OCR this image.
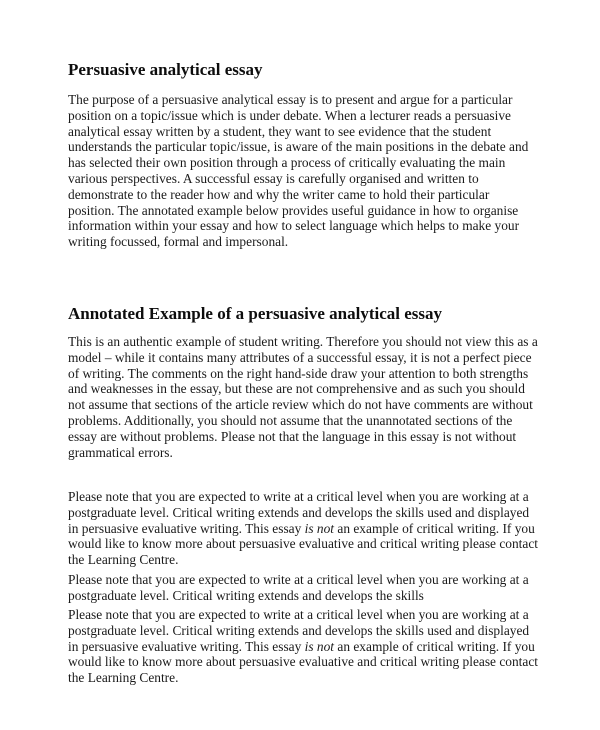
Persuasive analytical essay

The purpose of a persuasive analytical essay is to present and argue for a particular position on a topic/issue which is under debate. When a lecturer reads a persuasive analytical essay written by a student, they want to see evidence that the student understands the particular topic/issue, is aware of the main positions in the debate and has selected their own position through a process of critically evaluating the main various perspectives. A successful essay is carefully organised and written to demonstrate to the reader how and why the writer came to hold their particular position. The annotated example below provides useful guidance in how to organise information within your essay and how to select language which helps to make your writing focussed, formal and impersonal.

Annotated Example of a persuasive analytical essay

This is an authentic example of student writing. Therefore you should not view this as a model – while it contains many attributes of a successful essay, it is not a perfect piece of writing. The comments on the right hand-side draw your attention to both strengths and weaknesses in the essay, but these are not comprehensive and as such you should not assume that sections of the article review which do not have comments are without problems. Additionally, you should not assume that the unannotated sections of the essay are without problems. Please not that the language in this essay is not without grammatical errors.

Please note that you are expected to write at a critical level when you are working at a postgraduate level. Critical writing extends and develops the skills used and displayed in persuasive evaluative writing. This essay is not an example of critical writing. If you would like to know more about persuasive evaluative and critical writing please contact the Learning Centre.

Please note that you are expected to write at a critical level when you are working at a postgraduate level. Critical writing extends and develops the skills

Please note that you are expected to write at a critical level when you are working at a postgraduate level. Critical writing extends and develops the skills used and displayed in persuasive evaluative writing. This essay is not an example of critical writing. If you would like to know more about persuasive evaluative and critical writing please contact the Learning Centre.
